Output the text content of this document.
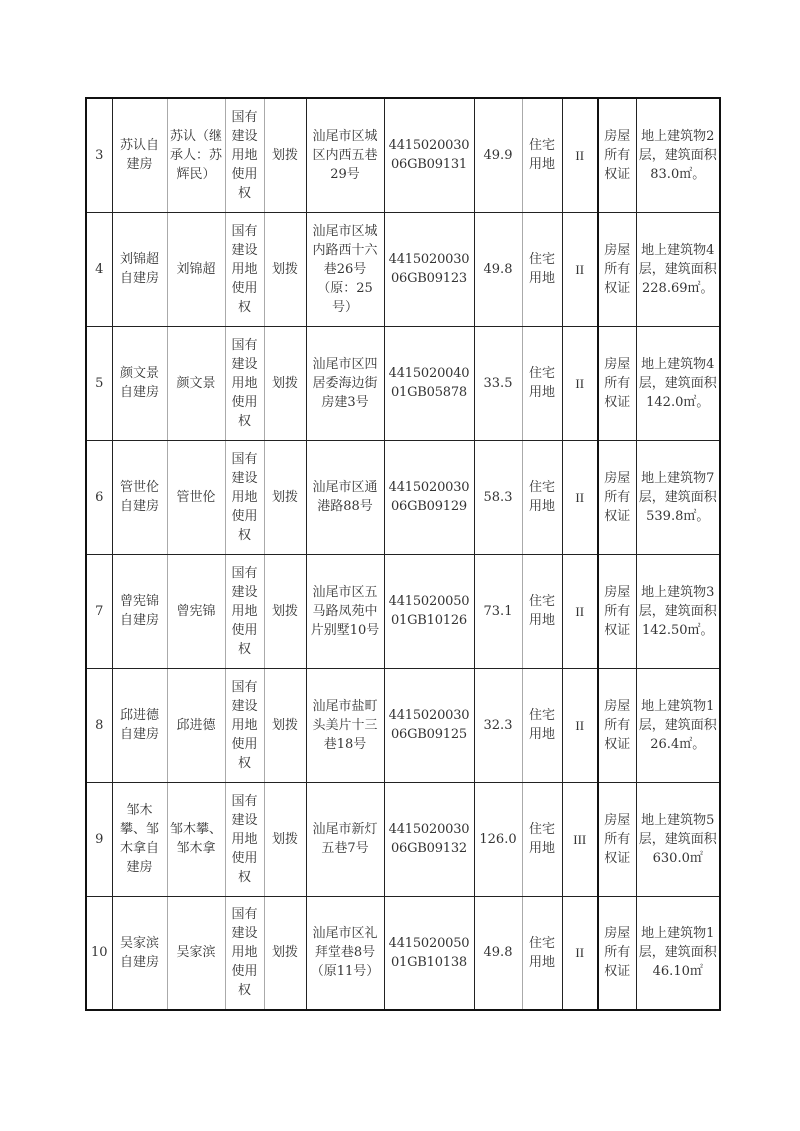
3	苏认自建房	苏认（继承人：苏辉民）	国有建设用地使用权	划拨	汕尾市区城区内西五巷29号	441502003006GB09131	49.9	住宅用地	II	房屋所有权证	地上建筑物2层，建筑面积83.0㎡。
4	刘锦超自建房	刘锦超	国有建设用地使用权	划拨	汕尾市区城内路西十六巷26号（原：25号）	441502003006GB09123	49.8	住宅用地	II	房屋所有权证	地上建筑物4层，建筑面积228.69㎡。
5	颜文景自建房	颜文景	国有建设用地使用权	划拨	汕尾市区四居委海边街房建3号	441502004001GB05878	33.5	住宅用地	II	房屋所有权证	地上建筑物4层，建筑面积142.0㎡。
6	管世伦自建房	管世伦	国有建设用地使用权	划拨	汕尾市区通港路88号	441502003006GB09129	58.3	住宅用地	II	房屋所有权证	地上建筑物7层，建筑面积539.8㎡。
7	曾宪锦自建房	曾宪锦	国有建设用地使用权	划拨	汕尾市区五马路凤苑中片别墅10号	441502005001GB10126	73.1	住宅用地	II	房屋所有权证	地上建筑物3层，建筑面积142.50㎡。
8	邱进德自建房	邱进德	国有建设用地使用权	划拨	汕尾市盐町头美片十三巷18号	441502003006GB09125	32.3	住宅用地	II	房屋所有权证	地上建筑物1层，建筑面积26.4㎡。
9	邹木攀、邹木拿自建房	邹木攀、邹木拿	国有建设用地使用权	划拨	汕尾市新灯五巷7号	441502003006GB09132	126.0	住宅用地	III	房屋所有权证	地上建筑物5层，建筑面积630.0㎡
10	吴家滨自建房	吴家滨	国有建设用地使用权	划拨	汕尾市区礼拜堂巷8号（原11号）	441502005001GB10138	49.8	住宅用地	II	房屋所有权证	地上建筑物1层，建筑面积46.10㎡
